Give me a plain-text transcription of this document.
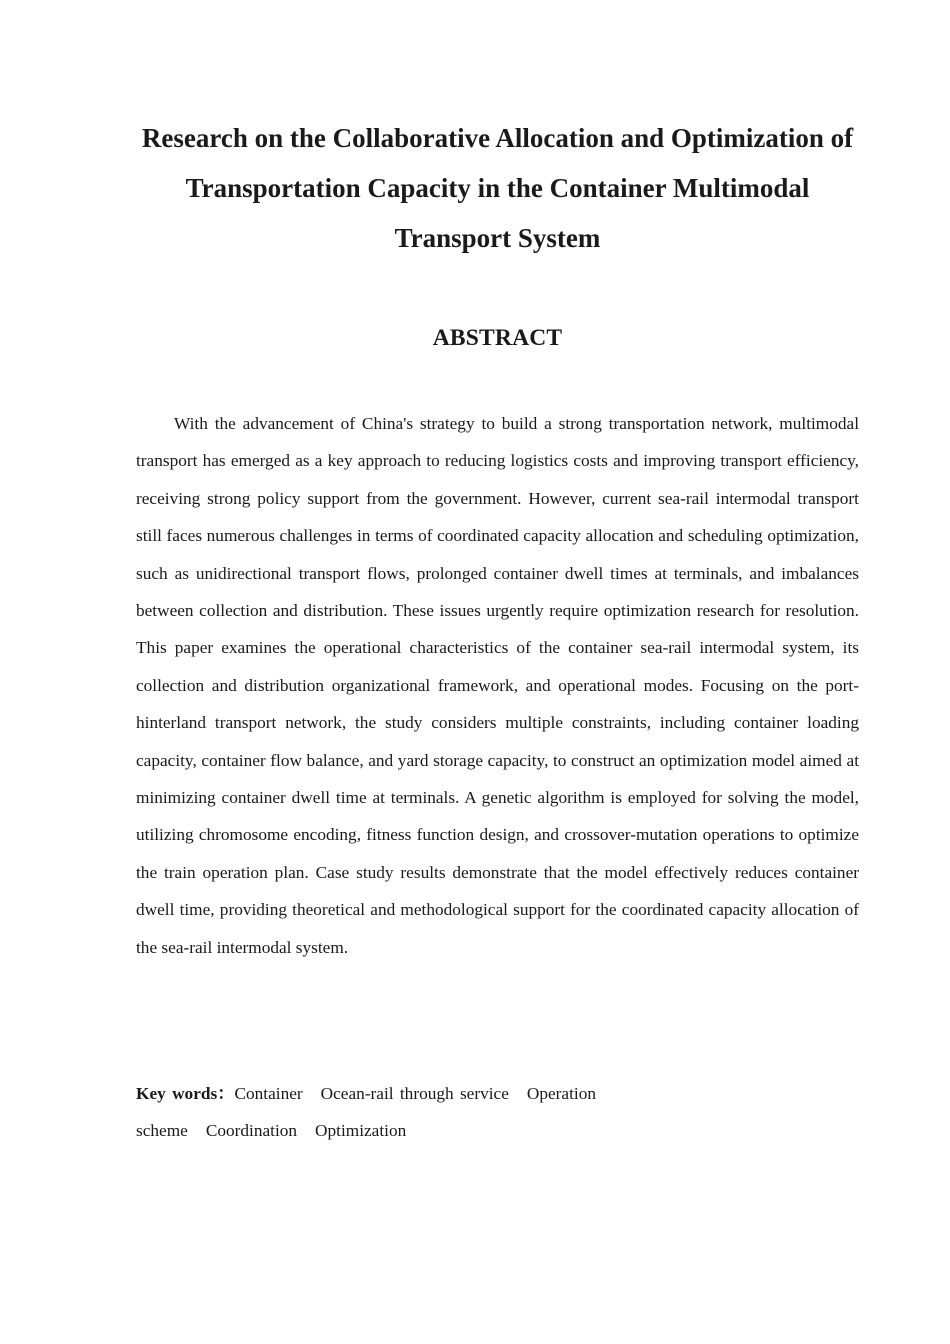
Research on the Collaborative Allocation and Optimization of Transportation Capacity in the Container Multimodal Transport System
ABSTRACT

With the advancement of China's strategy to build a strong transportation network, multimodal transport has emerged as a key approach to reducing logistics costs and improving transport efficiency, receiving strong policy support from the government. However, current sea-rail intermodal transport still faces numerous challenges in terms of coordinated capacity allocation and scheduling optimization, such as unidirectional transport flows, prolonged container dwell times at terminals, and imbalances between collection and distribution. These issues urgently require optimization research for resolution. This paper examines the operational characteristics of the container sea-rail intermodal system, its collection and distribution organizational framework, and operational modes. Focusing on the port-hinterland transport network, the study considers multiple constraints, including container loading capacity, container flow balance, and yard storage capacity, to construct an optimization model aimed at minimizing container dwell time at terminals. A genetic algorithm is employed for solving the model, utilizing chromosome encoding, fitness function design, and crossover-mutation operations to optimize the train operation plan. Case study results demonstrate that the model effectively reduces container dwell time, providing theoretical and methodological support for the coordinated capacity allocation of the sea-rail intermodal system.

Key words：Container Ocean-rail through service Operation scheme Coordination Optimization
